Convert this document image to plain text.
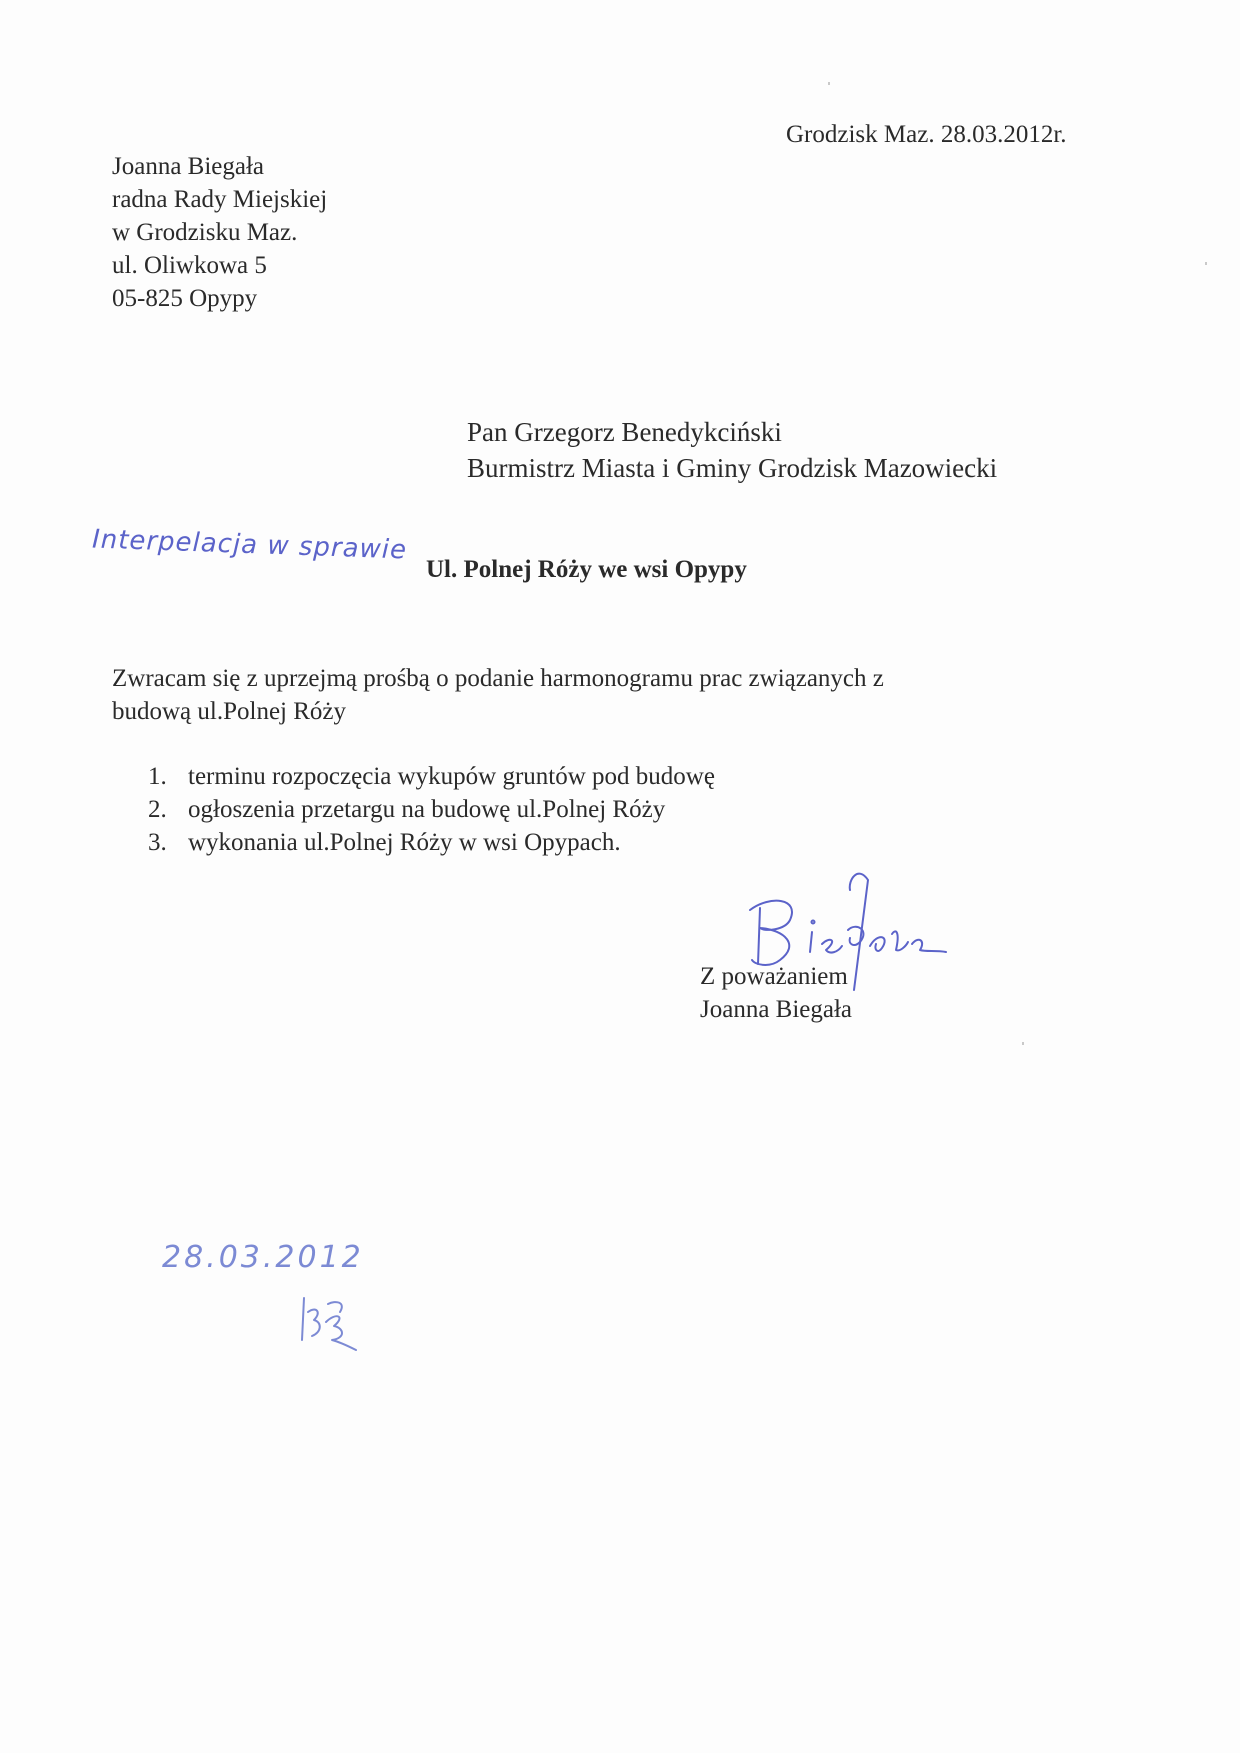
Grodzisk Maz. 28.03.2012r.
Joanna Biegała
radna Rady Miejskiej
w Grodzisku Maz.
ul. Oliwkowa 5
05-825 Opypy
Pan Grzegorz Benedykciński
Burmistrz Miasta i Gminy Grodzisk Mazowiecki
Interpelacja w sprawie
Ul. Polnej Róży we wsi Opypy
Zwracam się z uprzejmą prośbą o podanie harmonogramu prac związanych z
budową ul.Polnej Róży
1. terminu rozpoczęcia wykupów gruntów pod budowę
2. ogłoszenia przetargu na budowę ul.Polnej Róży
3. wykonania ul.Polnej Róży w wsi Opypach.
Z poważaniem
Joanna Biegała
28.03.2012
